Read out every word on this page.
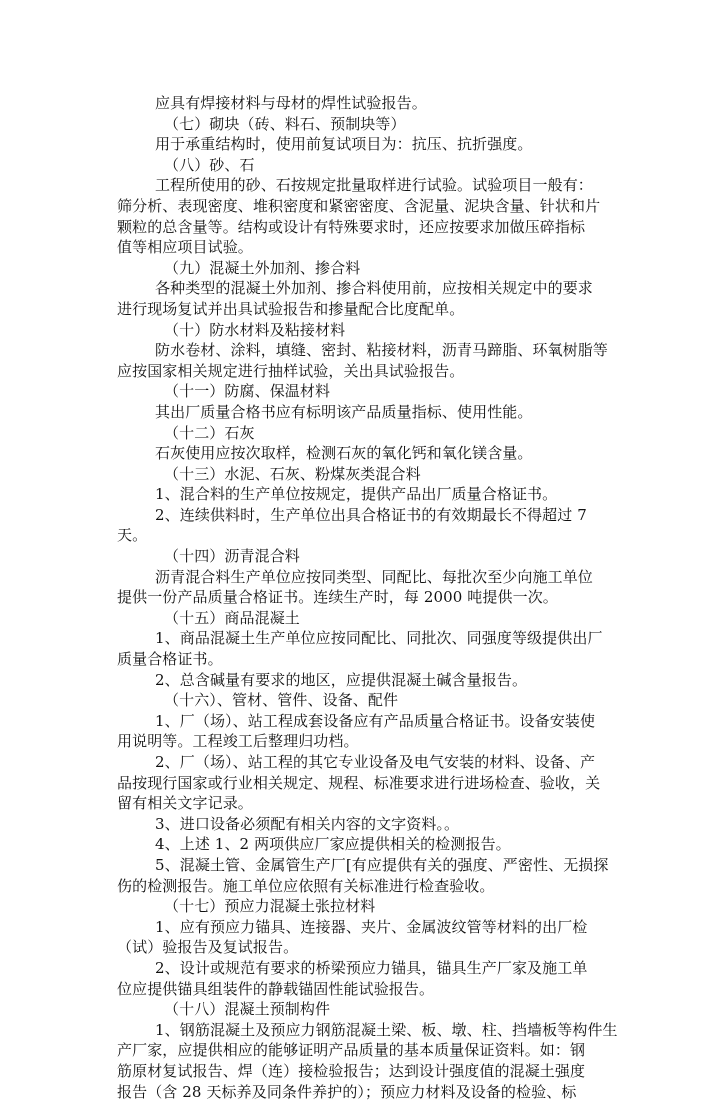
应具有焊接材料与母材的焊性试验报告。
（七）砌块（砖、料石、预制块等）
用于承重结构时，使用前复试项目为：抗压、抗折强度。
（八）砂、石
工程所使用的砂、石按规定批量取样进行试验。试验项目一般有：
筛分析、表现密度、堆积密度和紧密密度、含泥量、泥块含量、针状和片
颗粒的总含量等。结构或设计有特殊要求时，还应按要求加做压碎指标
值等相应项目试验。
（九）混凝土外加剂、掺合料
各种类型的混凝土外加剂、掺合料使用前，应按相关规定中的要求
进行现场复试并出具试验报告和掺量配合比度配单。
（十）防水材料及粘接材料
防水卷材、涂料，填缝、密封、粘接材料，沥青马蹄脂、环氧树脂等
应按国家相关规定进行抽样试验，关出具试验报告。
（十一）防腐、保温材料
其出厂质量合格书应有标明该产品质量指标、使用性能。
（十二）石灰
石灰使用应按次取样，检测石灰的氧化钙和氧化镁含量。
（十三）水泥、石灰、粉煤灰类混合料
1、混合料的生产单位按规定，提供产品出厂质量合格证书。
2、连续供料时，生产单位出具合格证书的有效期最长不得超过 7
天。
（十四）沥青混合料
沥青混合料生产单位应按同类型、同配比、每批次至少向施工单位
提供一份产品质量合格证书。连续生产时，每 2000 吨提供一次。
（十五）商品混凝土
1、商品混凝土生产单位应按同配比、同批次、同强度等级提供出厂
质量合格证书。
2、总含碱量有要求的地区，应提供混凝土碱含量报告。
（十六）、管材、管件、设备、配件
1、厂（场）、站工程成套设备应有产品质量合格证书。设备安装使
用说明等。工程竣工后整理归功档。
2、厂（场）、站工程的其它专业设备及电气安装的材料、设备、产
品按现行国家或行业相关规定、规程、标准要求进行进场检查、验收，关
留有相关文字记录。
3、进口设备必须配有相关内容的文字资料。。
4、上述 1、2 两项供应厂家应提供相关的检测报告。
5、混凝土管、金属管生产厂[有应提供有关的强度、严密性、无损探
伤的检测报告。施工单位应依照有关标准进行检查验收。
（十七）预应力混凝土张拉材料
1、应有预应力锚具、连接器、夹片、金属波纹管等材料的出厂检
（试）验报告及复试报告。
2、设计或规范有要求的桥梁预应力锚具，锚具生产厂家及施工单
位应提供锚具组装件的静载锚固性能试验报告。
（十八）混凝土预制构件
1、钢筋混凝土及预应力钢筋混凝土梁、板、墩、柱、挡墙板等构件生
产厂家，应提供相应的能够证明产品质量的基本质量保证资料。如：钢
筋原材复试报告、焊（连）接检验报告；达到设计强度值的混凝土强度
报告（含 28 天标养及同条件养护的）；预应力材料及设备的检验、标
